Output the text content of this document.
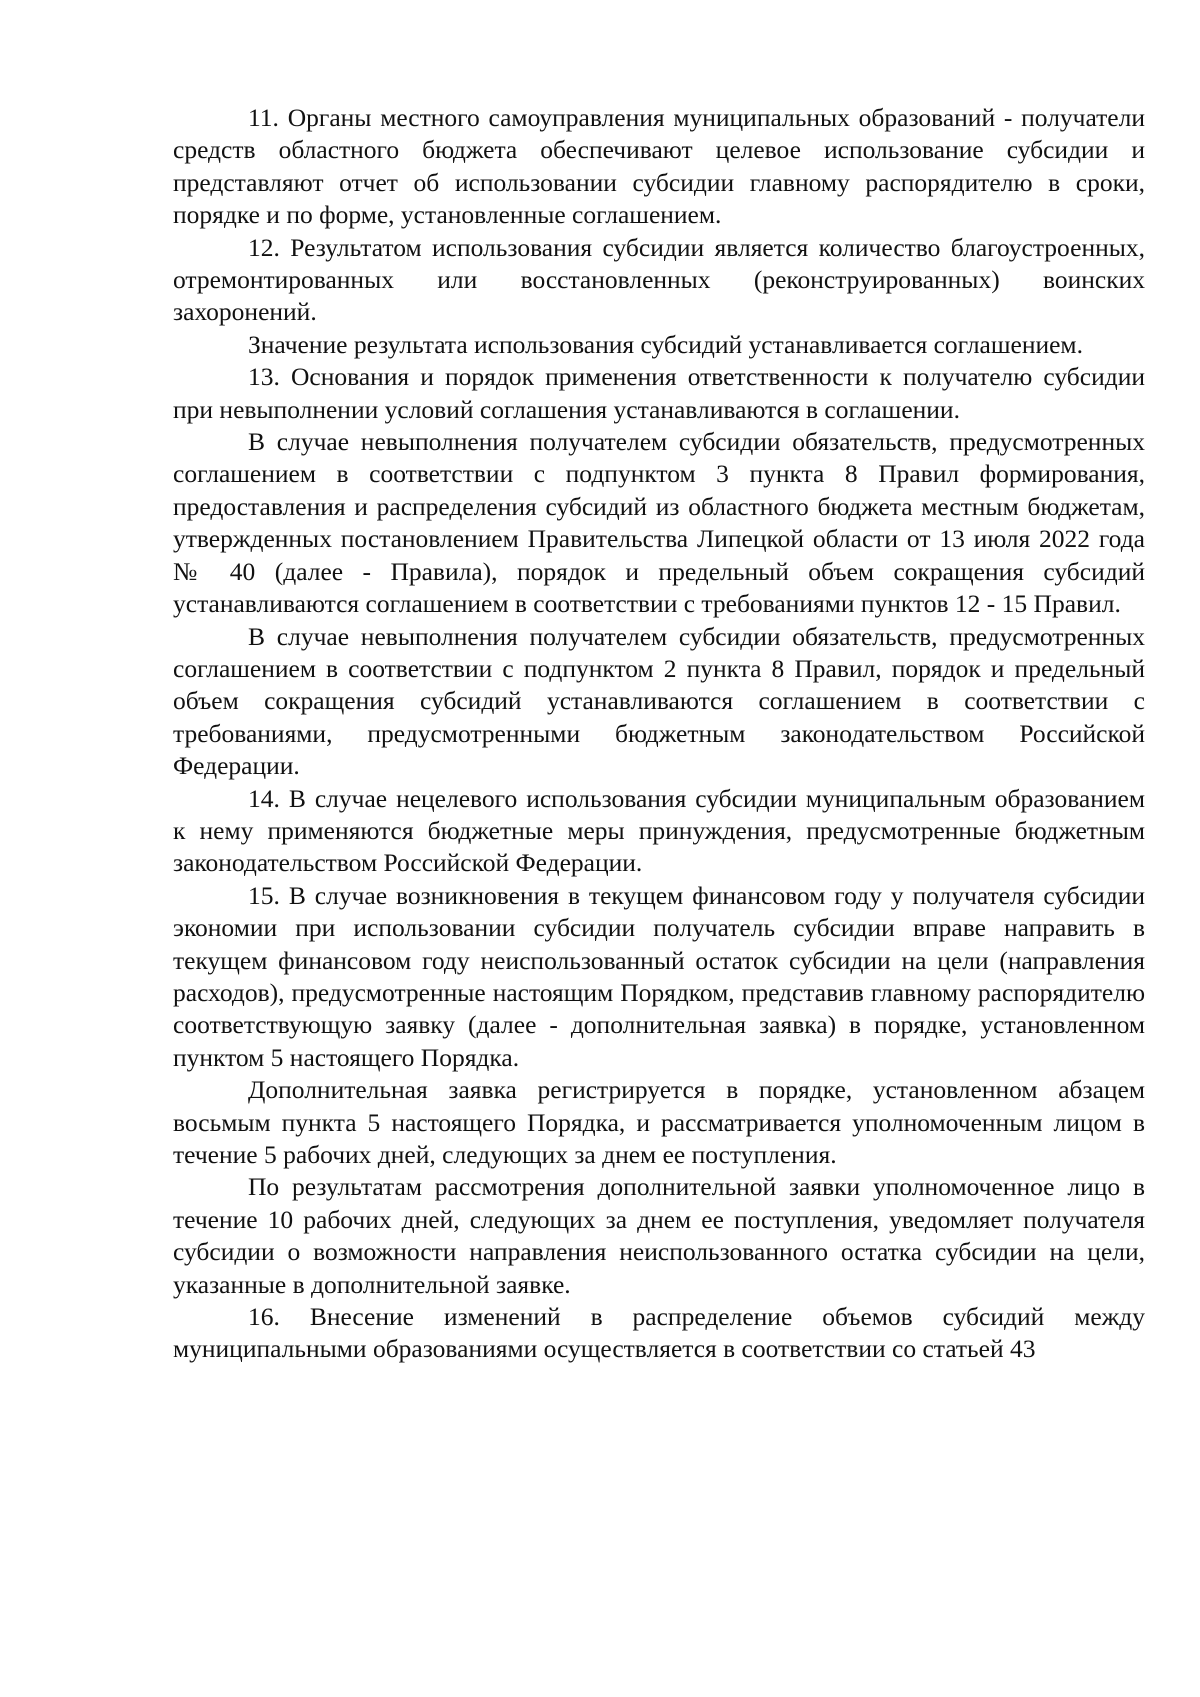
11. Органы местного самоуправления муниципальных образований - получатели средств областного бюджета обеспечивают целевое использование субсидии и представляют отчет об использовании субсидии главному распорядителю в сроки, порядке и по форме, установленные соглашением.

12. Результатом использования субсидии является количество благоустроенных, отремонтированных или восстановленных (реконструированных) воинских захоронений.

Значение результата использования субсидий устанавливается соглашением.

13. Основания и порядок применения ответственности к получателю субсидии при невыполнении условий соглашения устанавливаются в соглашении.

В случае невыполнения получателем субсидии обязательств, предусмотренных соглашением в соответствии с подпунктом 3 пункта 8 Правил формирования, предоставления и распределения субсидий из областного бюджета местным бюджетам, утвержденных постановлением Правительства Липецкой области от 13 июля 2022 года № 40 (далее - Правила), порядок и предельный объем сокращения субсидий устанавливаются соглашением в соответствии с требованиями пунктов 12 - 15 Правил.

В случае невыполнения получателем субсидии обязательств, предусмотренных соглашением в соответствии с подпунктом 2 пункта 8 Правил, порядок и предельный объем сокращения субсидий устанавливаются соглашением в соответствии с требованиями, предусмотренными бюджетным законодательством Российской Федерации.

14. В случае нецелевого использования субсидии муниципальным образованием к нему применяются бюджетные меры принуждения, предусмотренные бюджетным законодательством Российской Федерации.

15. В случае возникновения в текущем финансовом году у получателя субсидии экономии при использовании субсидии получатель субсидии вправе направить в текущем финансовом году неиспользованный остаток субсидии на цели (направления расходов), предусмотренные настоящим Порядком, представив главному распорядителю соответствующую заявку (далее - дополнительная заявка) в порядке, установленном пунктом 5 настоящего Порядка.

Дополнительная заявка регистрируется в порядке, установленном абзацем восьмым пункта 5 настоящего Порядка, и рассматривается уполномоченным лицом в течение 5 рабочих дней, следующих за днем ее поступления.

По результатам рассмотрения дополнительной заявки уполномоченное лицо в течение 10 рабочих дней, следующих за днем ее поступления, уведомляет получателя субсидии о возможности направления неиспользованного остатка субсидии на цели, указанные в дополнительной заявке.

16. Внесение изменений в распределение объемов субсидий между муниципальными образованиями осуществляется в соответствии со статьей 43
